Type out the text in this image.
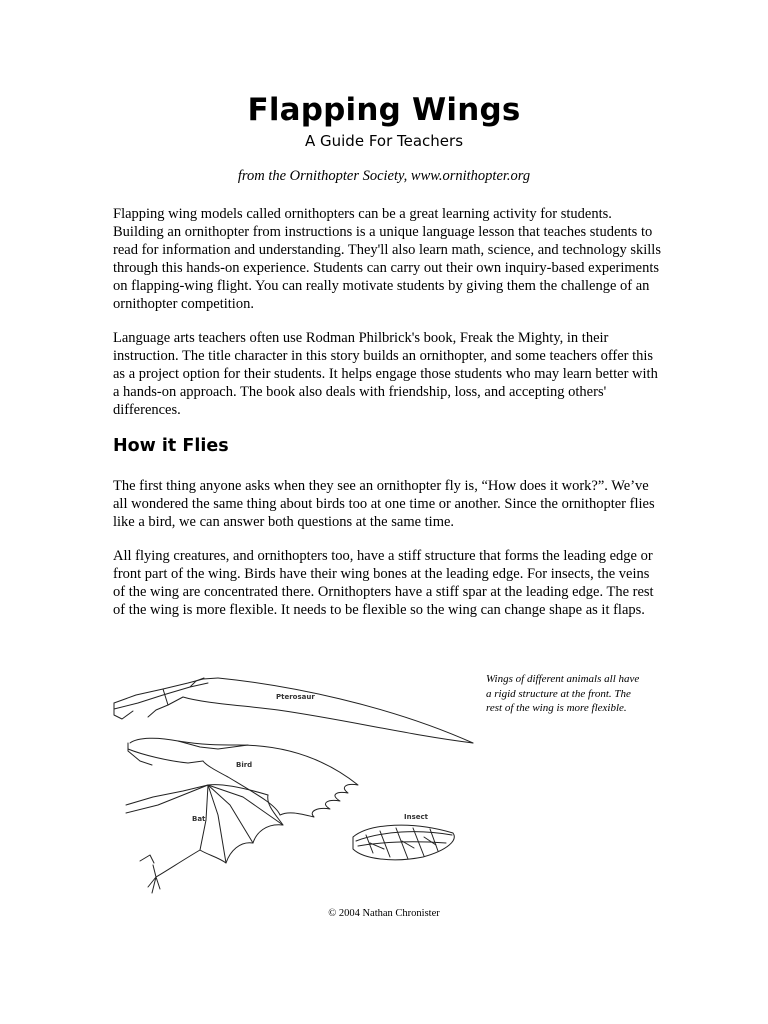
Flapping Wings
A Guide For Teachers
from the Ornithopter Society, www.ornithopter.org

Flapping wing models called ornithopters can be a great learning activity for students. Building an ornithopter from instructions is a unique language lesson that teaches students to read for information and understanding. They'll also learn math, science, and technology skills through this hands-on experience. Students can carry out their own inquiry-based experiments on flapping-wing flight. You can really motivate students by giving them the challenge of an ornithopter competition.

Language arts teachers often use Rodman Philbrick's book, Freak the Mighty, in their instruction. The title character in this story builds an ornithopter, and some teachers offer this as a project option for their students. It helps engage those students who may learn better with a hands-on approach. The book also deals with friendship, loss, and accepting others' differences.

How it Flies

The first thing anyone asks when they see an ornithopter fly is, “How does it work?”. We’ve all wondered the same thing about birds too at one time or another. Since the ornithopter flies like a bird, we can answer both questions at the same time.

All flying creatures, and ornithopters too, have a stiff structure that forms the leading edge or front part of the wing. Birds have their wing bones at the leading edge. For insects, the veins of the wing are concentrated there. Ornithopters have a stiff spar at the leading edge. The rest of the wing is more flexible. It needs to be flexible so the wing can change shape as it flaps.

Pterosaur
Bird
Bat	Insect
Wings of different animals all have a rigid structure at the front. The rest of the wing is more flexible.
© 2004 Nathan Chronister
